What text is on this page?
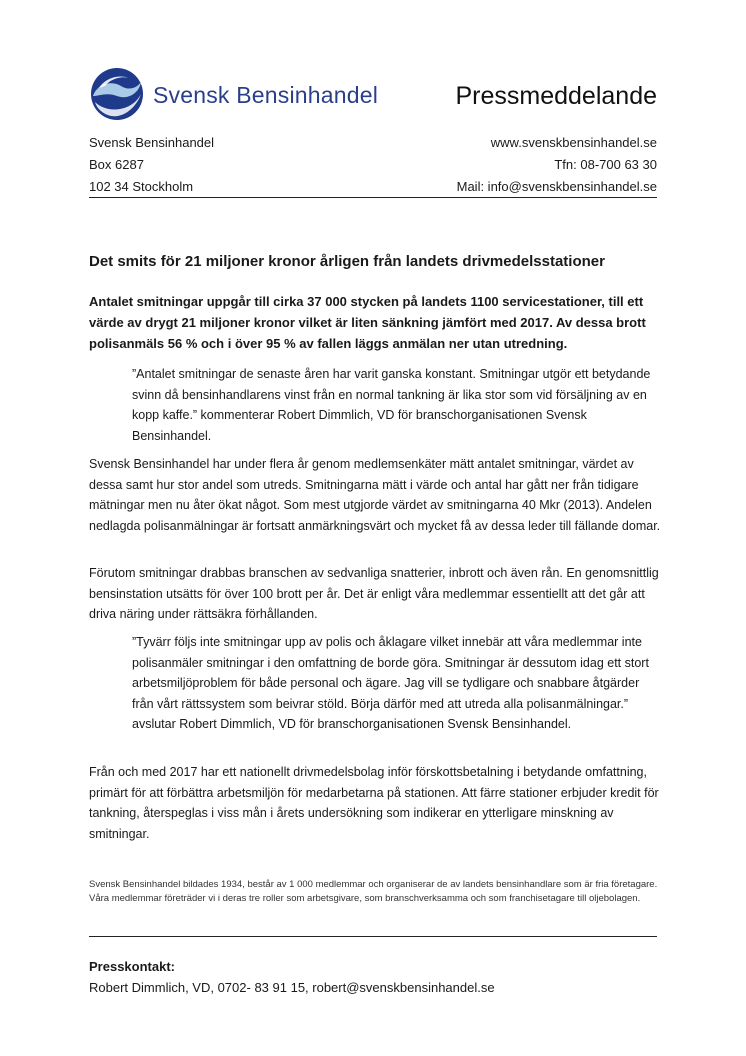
Svensk Bensinhandel	Pressmeddelande
Svensk Bensinhandel
Box 6287
102 34 Stockholm
www.svenskbensinhandel.se
Tfn: 08-700 63 30
Mail: info@svenskbensinhandel.se
Det smits för 21 miljoner kronor årligen från landets drivmedelsstationer
Antalet smitningar uppgår till cirka 37 000 stycken på landets 1100 servicestationer, till ett värde av drygt 21 miljoner kronor vilket är liten sänkning jämfört med 2017. Av dessa brott polisanmäls 56 % och i över 95 % av fallen läggs anmälan ner utan utredning.
”Antalet smitningar de senaste åren har varit ganska konstant. Smitningar utgör ett betydande svinn då bensinhandlarens vinst från en normal tankning är lika stor som vid försäljning av en kopp kaffe.” kommenterar Robert Dimmlich, VD för branschorganisationen Svensk Bensinhandel.
Svensk Bensinhandel har under flera år genom medlemsenkäter mätt antalet smitningar, värdet av dessa samt hur stor andel som utreds. Smitningarna mätt i värde och antal har gått ner från tidigare mätningar men nu åter ökat något. Som mest utgjorde värdet av smitningarna 40 Mkr (2013). Andelen nedlagda polisanmälningar är fortsatt anmärkningsvärt och mycket få av dessa leder till fällande domar.
Förutom smitningar drabbas branschen av sedvanliga snatterier, inbrott och även rån. En genomsnittlig bensinstation utsätts för över 100 brott per år. Det är enligt våra medlemmar essentiellt att det går att driva näring under rättsäkra förhållanden.
”Tyvärr följs inte smitningar upp av polis och åklagare vilket innebär att våra medlemmar inte polisanmäler smitningar i den omfattning de borde göra. Smitningar är dessutom idag ett stort arbetsmiljöproblem för både personal och ägare. Jag vill se tydligare och snabbare åtgärder från vårt rättssystem som beivrar stöld. Börja därför med att utreda alla polisanmälningar.” avslutar Robert Dimmlich, VD för branschorganisationen Svensk Bensinhandel.
Från och med 2017 har ett nationellt drivmedelsbolag inför förskottsbetalning i betydande omfattning, primärt för att förbättra arbetsmiljön för medarbetarna på stationen. Att färre stationer erbjuder kredit för tankning, återspeglas i viss mån i årets undersökning som indikerar en ytterligare minskning av smitningar.
Svensk Bensinhandel bildades 1934, består av 1 000 medlemmar och organiserar de av landets bensinhandlare som är fria företagare. Våra medlemmar företräder vi i deras tre roller som arbetsgivare, som branschverksamma och som franchisetagare till oljebolagen.
Presskontakt:
Robert Dimmlich, VD, 0702- 83 91 15, robert@svenskbensinhandel.se
